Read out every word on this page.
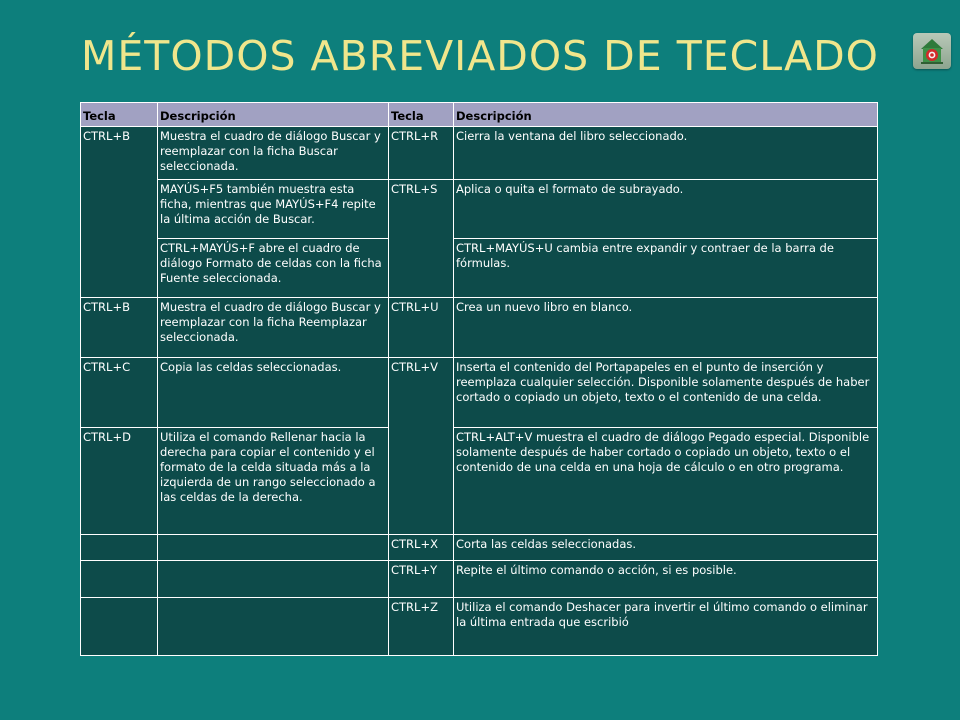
MÉTODOS ABREVIADOS DE TECLADO
Tecla	Descripción	Tecla	Descripción
CTRL+B	Muestra el cuadro de diálogo Buscar y reemplazar con la ficha Buscar seleccionada.	CTRL+R	Cierra la ventana del libro seleccionado.
	MAYÚS+F5 también muestra esta ficha, mientras que MAYÚS+F4 repite la última acción de Buscar.	CTRL+S	Aplica o quita el formato de subrayado.
	CTRL+MAYÚS+F abre el cuadro de diálogo Formato de celdas con la ficha Fuente seleccionada.		CTRL+MAYÚS+U cambia entre expandir y contraer de la barra de fórmulas.
CTRL+B	Muestra el cuadro de diálogo Buscar y reemplazar con la ficha Reemplazar seleccionada.	CTRL+U	Crea un nuevo libro en blanco.
CTRL+C	Copia las celdas seleccionadas.	CTRL+V	Inserta el contenido del Portapapeles en el punto de inserción y reemplaza cualquier selección. Disponible solamente después de haber cortado o copiado un objeto, texto o el contenido de una celda.
CTRL+D	Utiliza el comando Rellenar hacia la derecha para copiar el contenido y el formato de la celda situada más a la izquierda de un rango seleccionado a las celdas de la derecha.		CTRL+ALT+V muestra el cuadro de diálogo Pegado especial. Disponible solamente después de haber cortado o copiado un objeto, texto o el contenido de una celda en una hoja de cálculo o en otro programa.
		CTRL+X	Corta las celdas seleccionadas.
		CTRL+Y	Repite el último comando o acción, si es posible.
		CTRL+Z	Utiliza el comando Deshacer para invertir el último comando o eliminar la última entrada que escribió
